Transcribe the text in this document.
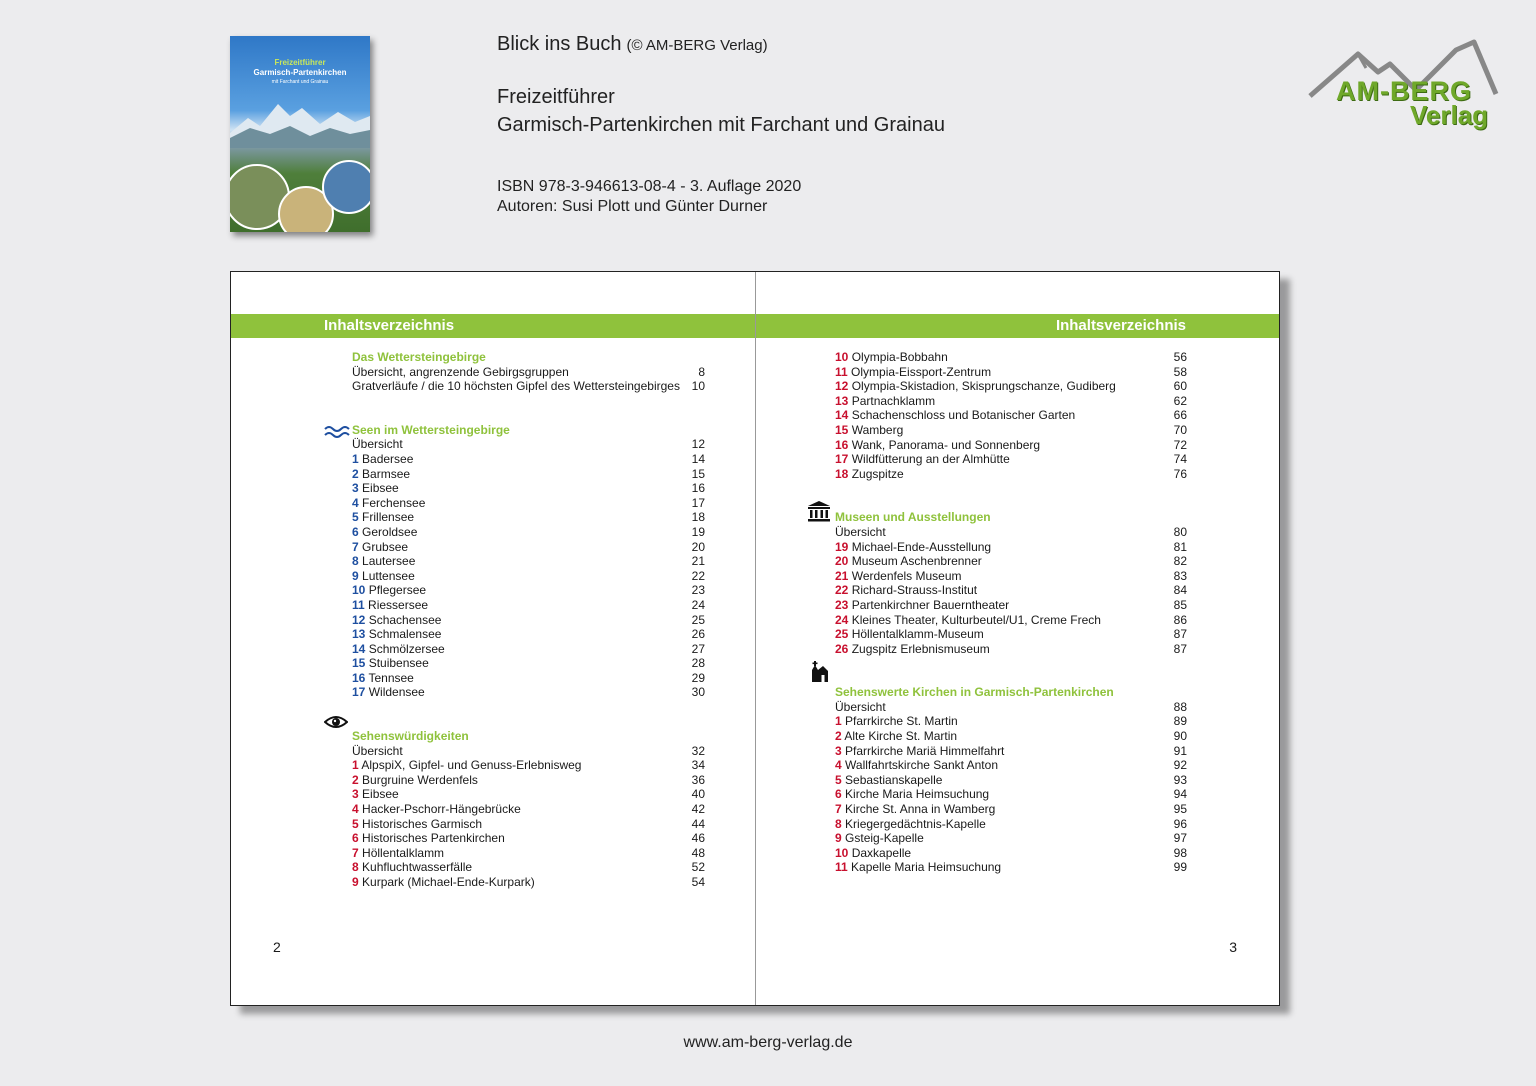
Freizeitführer
Garmisch-Partenkirchen
mit Farchant und Grainau
Blick ins Buch (© AM-BERG Verlag)
Freizeitführer
Garmisch-Partenkirchen mit Farchant und Grainau
ISBN 978-3-946613-08-4 - 3. Auflage 2020
Autoren: Susi Plott und Günter Durner
AM-BERG
Verlag
Inhaltsverzeichnis	Inhaltsverzeichnis
Das Wettersteingebirge
Übersicht, angrenzende Gebirgsgruppen	8
Gratverläufe / die 10 höchsten Gipfel des Wettersteingebirges 10
Seen im Wettersteingebirge
Übersicht	12
1 Badersee	14
2 Barmsee	15
3 Eibsee	16
4 Ferchensee	17
5 Frillensee	18
6 Geroldsee	19
7 Grubsee	20
8 Lautersee	21
9 Luttensee	22
10 Pflegersee	23
11 Riessersee	24
12 Schachensee	25
13 Schmalensee	26
14 Schmölzersee	27
15 Stuibensee	28
16 Tennsee	29
17 Wildensee	30
Sehenswürdigkeiten
Übersicht	32
1 AlpspiX, Gipfel- und Genuss-Erlebnisweg	34
2 Burgruine Werdenfels	36
3 Eibsee	40
4 Hacker-Pschorr-Hängebrücke	42
5 Historisches Garmisch	44
6 Historisches Partenkirchen	46
7 Höllentalklamm	48
8 Kuhfluchtwasserfälle	52
9 Kurpark (Michael-Ende-Kurpark)	54
10 Olympia-Bobbahn	56
11 Olympia-Eissport-Zentrum	58
12 Olympia-Skistadion, Skisprungschanze, Gudiberg	60
13 Partnachklamm	62
14 Schachenschloss und Botanischer Garten	66
15 Wamberg	70
16 Wank, Panorama- und Sonnenberg	72
17 Wildfütterung an der Almhütte	74
18 Zugspitze	76
Museen und Ausstellungen
Übersicht	80
19 Michael-Ende-Ausstellung	81
20 Museum Aschenbrenner	82
21 Werdenfels Museum	83
22 Richard-Strauss-Institut	84
23 Partenkirchner Bauerntheater	85
24 Kleines Theater, Kulturbeutel/U1, Creme Frech	86
25 Höllentalklamm-Museum	87
26 Zugspitz Erlebnismuseum	87
Sehenswerte Kirchen in Garmisch-Partenkirchen
Übersicht	88
1 Pfarrkirche St. Martin	89
2 Alte Kirche St. Martin	90
3 Pfarrkirche Mariä Himmelfahrt	91
4 Wallfahrtskirche Sankt Anton	92
5 Sebastianskapelle	93
6 Kirche Maria Heimsuchung	94
7 Kirche St. Anna in Wamberg	95
8 Kriegergedächtnis-Kapelle	96
9 Gsteig-Kapelle	97
10 Daxkapelle	98
11 Kapelle Maria Heimsuchung	99
2	3
www.am-berg-verlag.de
